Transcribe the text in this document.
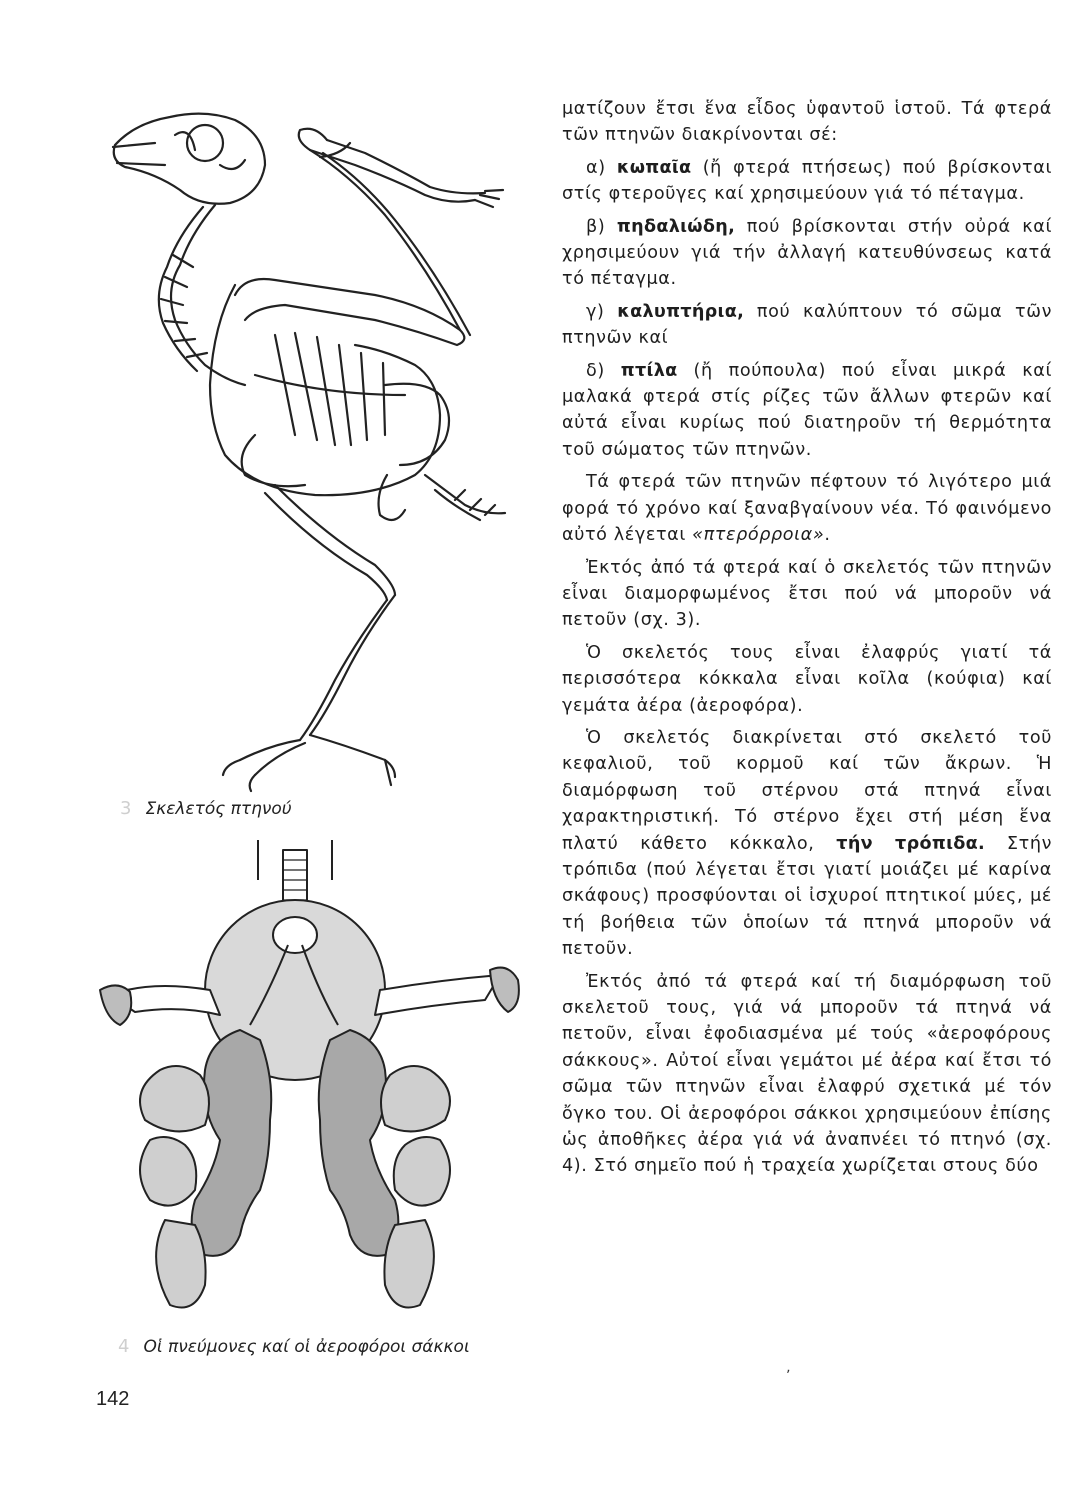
3 Σκελετός πτηνού
4 Οἱ πνεύμονες καί οἱ ἀεροφόροι σάκκοι
142
ʼ

ματίζουν ἔτσι ἕνα εἶδος ὑφαντοῦ ἱστοῦ. Τά φτερά τῶν πτηνῶν διακρίνονται σέ:

α) κωπαῖα (ἤ φτερά πτήσεως) πού βρίσκονται στίς φτεροῦγες καί χρησιμεύουν γιά τό πέταγμα.

β) πηδαλιώδη, πού βρίσκονται στήν οὐρά καί χρησιμεύουν γιά τήν ἀλλαγή κατευθύνσεως κατά τό πέταγμα.

γ) καλυπτήρια, πού καλύπτουν τό σῶμα τῶν πτηνῶν καί

δ) πτίλα (ἤ πούπουλα) πού εἶναι μικρά καί μαλακά φτερά στίς ρίζες τῶν ἄλλων φτερῶν καί αὐτά εἶναι κυρίως πού διατηροῦν τή θερμότητα τοῦ σώματος τῶν πτηνῶν.

Τά φτερά τῶν πτηνῶν πέφτουν τό λιγότερο μιά φορά τό χρόνο καί ξαναβγαίνουν νέα. Τό φαινόμενο αὐτό λέγεται «πτερόρροια».

Ἐκτός ἀπό τά φτερά καί ὁ σκελετός τῶν πτηνῶν εἶναι διαμορφωμένος ἔτσι πού νά μποροῦν νά πετοῦν (σχ. 3).

Ὁ σκελετός τους εἶναι ἐλαφρύς γιατί τά περισσότερα κόκκαλα εἶναι κοῖλα (κούφια) καί γεμάτα ἀέρα (ἀεροφόρα).

Ὁ σκελετός διακρίνεται στό σκελετό τοῦ κεφαλιοῦ, τοῦ κορμοῦ καί τῶν ἄκρων. Ἡ διαμόρφωση τοῦ στέρνου στά πτηνά εἶναι χαρακτηριστική. Τό στέρνο ἔχει στή μέση ἕνα πλατύ κάθετο κόκκαλο, τήν τρόπιδα. Στήν τρόπιδα (πού λέγεται ἔτσι γιατί μοιάζει μέ καρίνα σκάφους) προσφύονται οἱ ἰσχυροί πτητικοί μύες, μέ τή βοήθεια τῶν ὁποίων τά πτηνά μποροῦν νά πετοῦν.

Ἐκτός ἀπό τά φτερά καί τή διαμόρφωση τοῦ σκελετοῦ τους, γιά νά μποροῦν τά πτηνά νά πετοῦν, εἶναι ἐφοδιασμένα μέ τούς «ἀεροφόρους σάκκους». Αὐτοί εἶναι γεμάτοι μέ ἀέρα καί ἔτσι τό σῶμα τῶν πτηνῶν εἶναι ἐλαφρύ σχετικά μέ τόν ὄγκο του. Οἱ ἀεροφόροι σάκκοι χρησιμεύουν ἐπίσης ὡς ἀποθῆκες ἀέρα γιά νά ἀναπνέει τό πτηνό (σχ. 4). Στό σημεῖο πού ἡ τραχεία χωρίζεται στους δύο
